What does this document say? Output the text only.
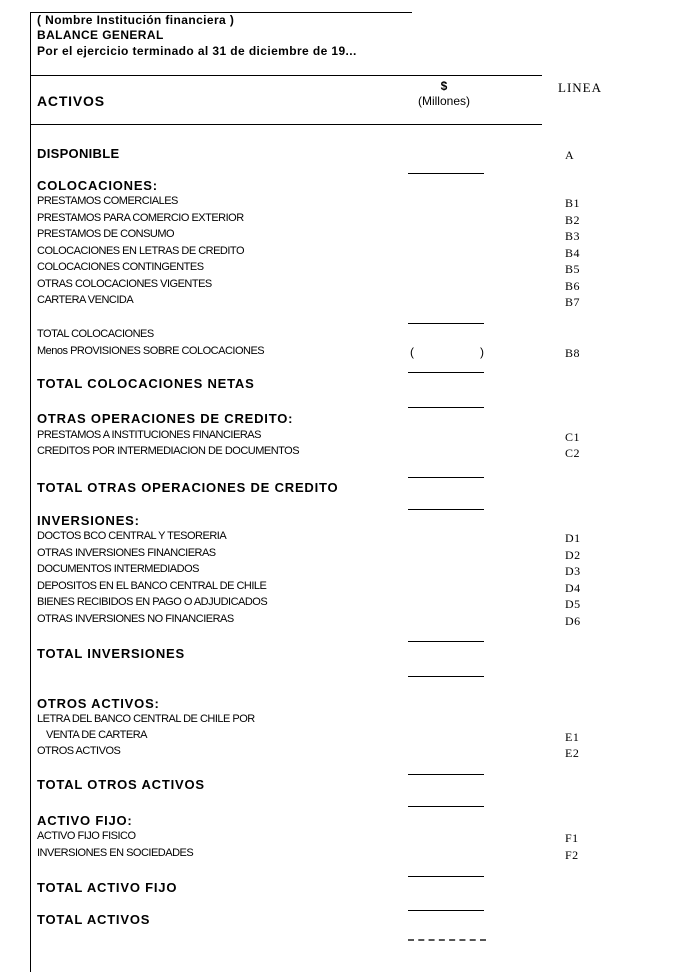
( Nombre Institución financiera )
BALANCE GENERAL
Por el ejercicio terminado al 31 de diciembre de 19...
$
(Millones)
LINEA
ACTIVOS
DISPONIBLE	A
COLOCACIONES:
PRESTAMOS COMERCIALES	B1
PRESTAMOS PARA COMERCIO EXTERIOR	B2
PRESTAMOS DE CONSUMO	B3
COLOCACIONES EN LETRAS DE CREDITO	B4
COLOCACIONES CONTINGENTES	B5
OTRAS COLOCACIONES VIGENTES	B6
CARTERA VENCIDA	B7
TOTAL COLOCACIONES
Menos PROVISIONES SOBRE COLOCACIONES	(	)	B8
TOTAL COLOCACIONES NETAS
OTRAS OPERACIONES DE CREDITO:
PRESTAMOS A INSTITUCIONES FINANCIERAS	C1
CREDITOS POR INTERMEDIACION DE DOCUMENTOS	C2
TOTAL OTRAS OPERACIONES DE CREDITO
INVERSIONES:
DOCTOS BCO CENTRAL Y TESORERIA	D1
OTRAS INVERSIONES FINANCIERAS	D2
DOCUMENTOS INTERMEDIADOS	D3
DEPOSITOS EN EL BANCO CENTRAL DE CHILE	D4
BIENES RECIBIDOS EN PAGO O ADJUDICADOS	D5
OTRAS INVERSIONES NO FINANCIERAS	D6
TOTAL INVERSIONES
OTROS ACTIVOS:
LETRA DEL BANCO CENTRAL DE CHILE POR
VENTA DE CARTERA	E1
OTROS ACTIVOS	E2
TOTAL OTROS ACTIVOS
ACTIVO FIJO:
ACTIVO FIJO FISICO	F1
INVERSIONES EN SOCIEDADES	F2
TOTAL ACTIVO FIJO
TOTAL ACTIVOS
